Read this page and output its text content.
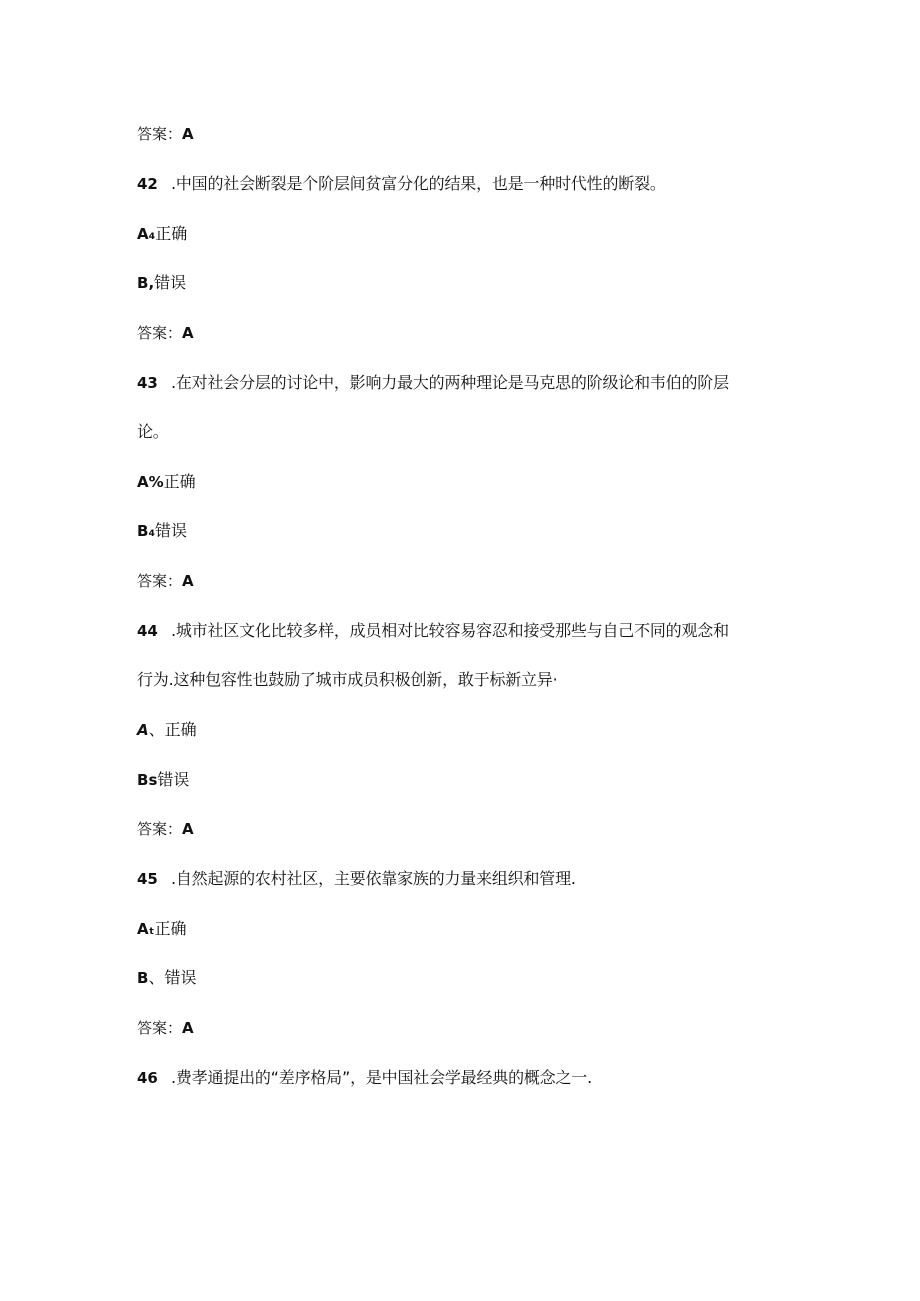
答案：A
42 .中国的社会断裂是个阶层间贫富分化的结果，也是一种时代性的断裂。
A₄正确
B,错误
答案：A
43 .在对社会分层的讨论中，影响力最大的两种理论是马克思的阶级论和韦伯的阶层
论。
A%正确
B₄错误
答案：A
44 .城市社区文化比较多样，成员相对比较容易容忍和接受那些与自己不同的观念和
行为.这种包容性也鼓励了城市成员积极创新，敢于标新立异·
A、正确
Bs错误
答案：A
45 .自然起源的农村社区，主要依靠家族的力量来组织和管理.
Aₜ正确
B、错误
答案：A
46 .费孝通提出的“差序格局”，是中国社会学最经典的概念之一.
